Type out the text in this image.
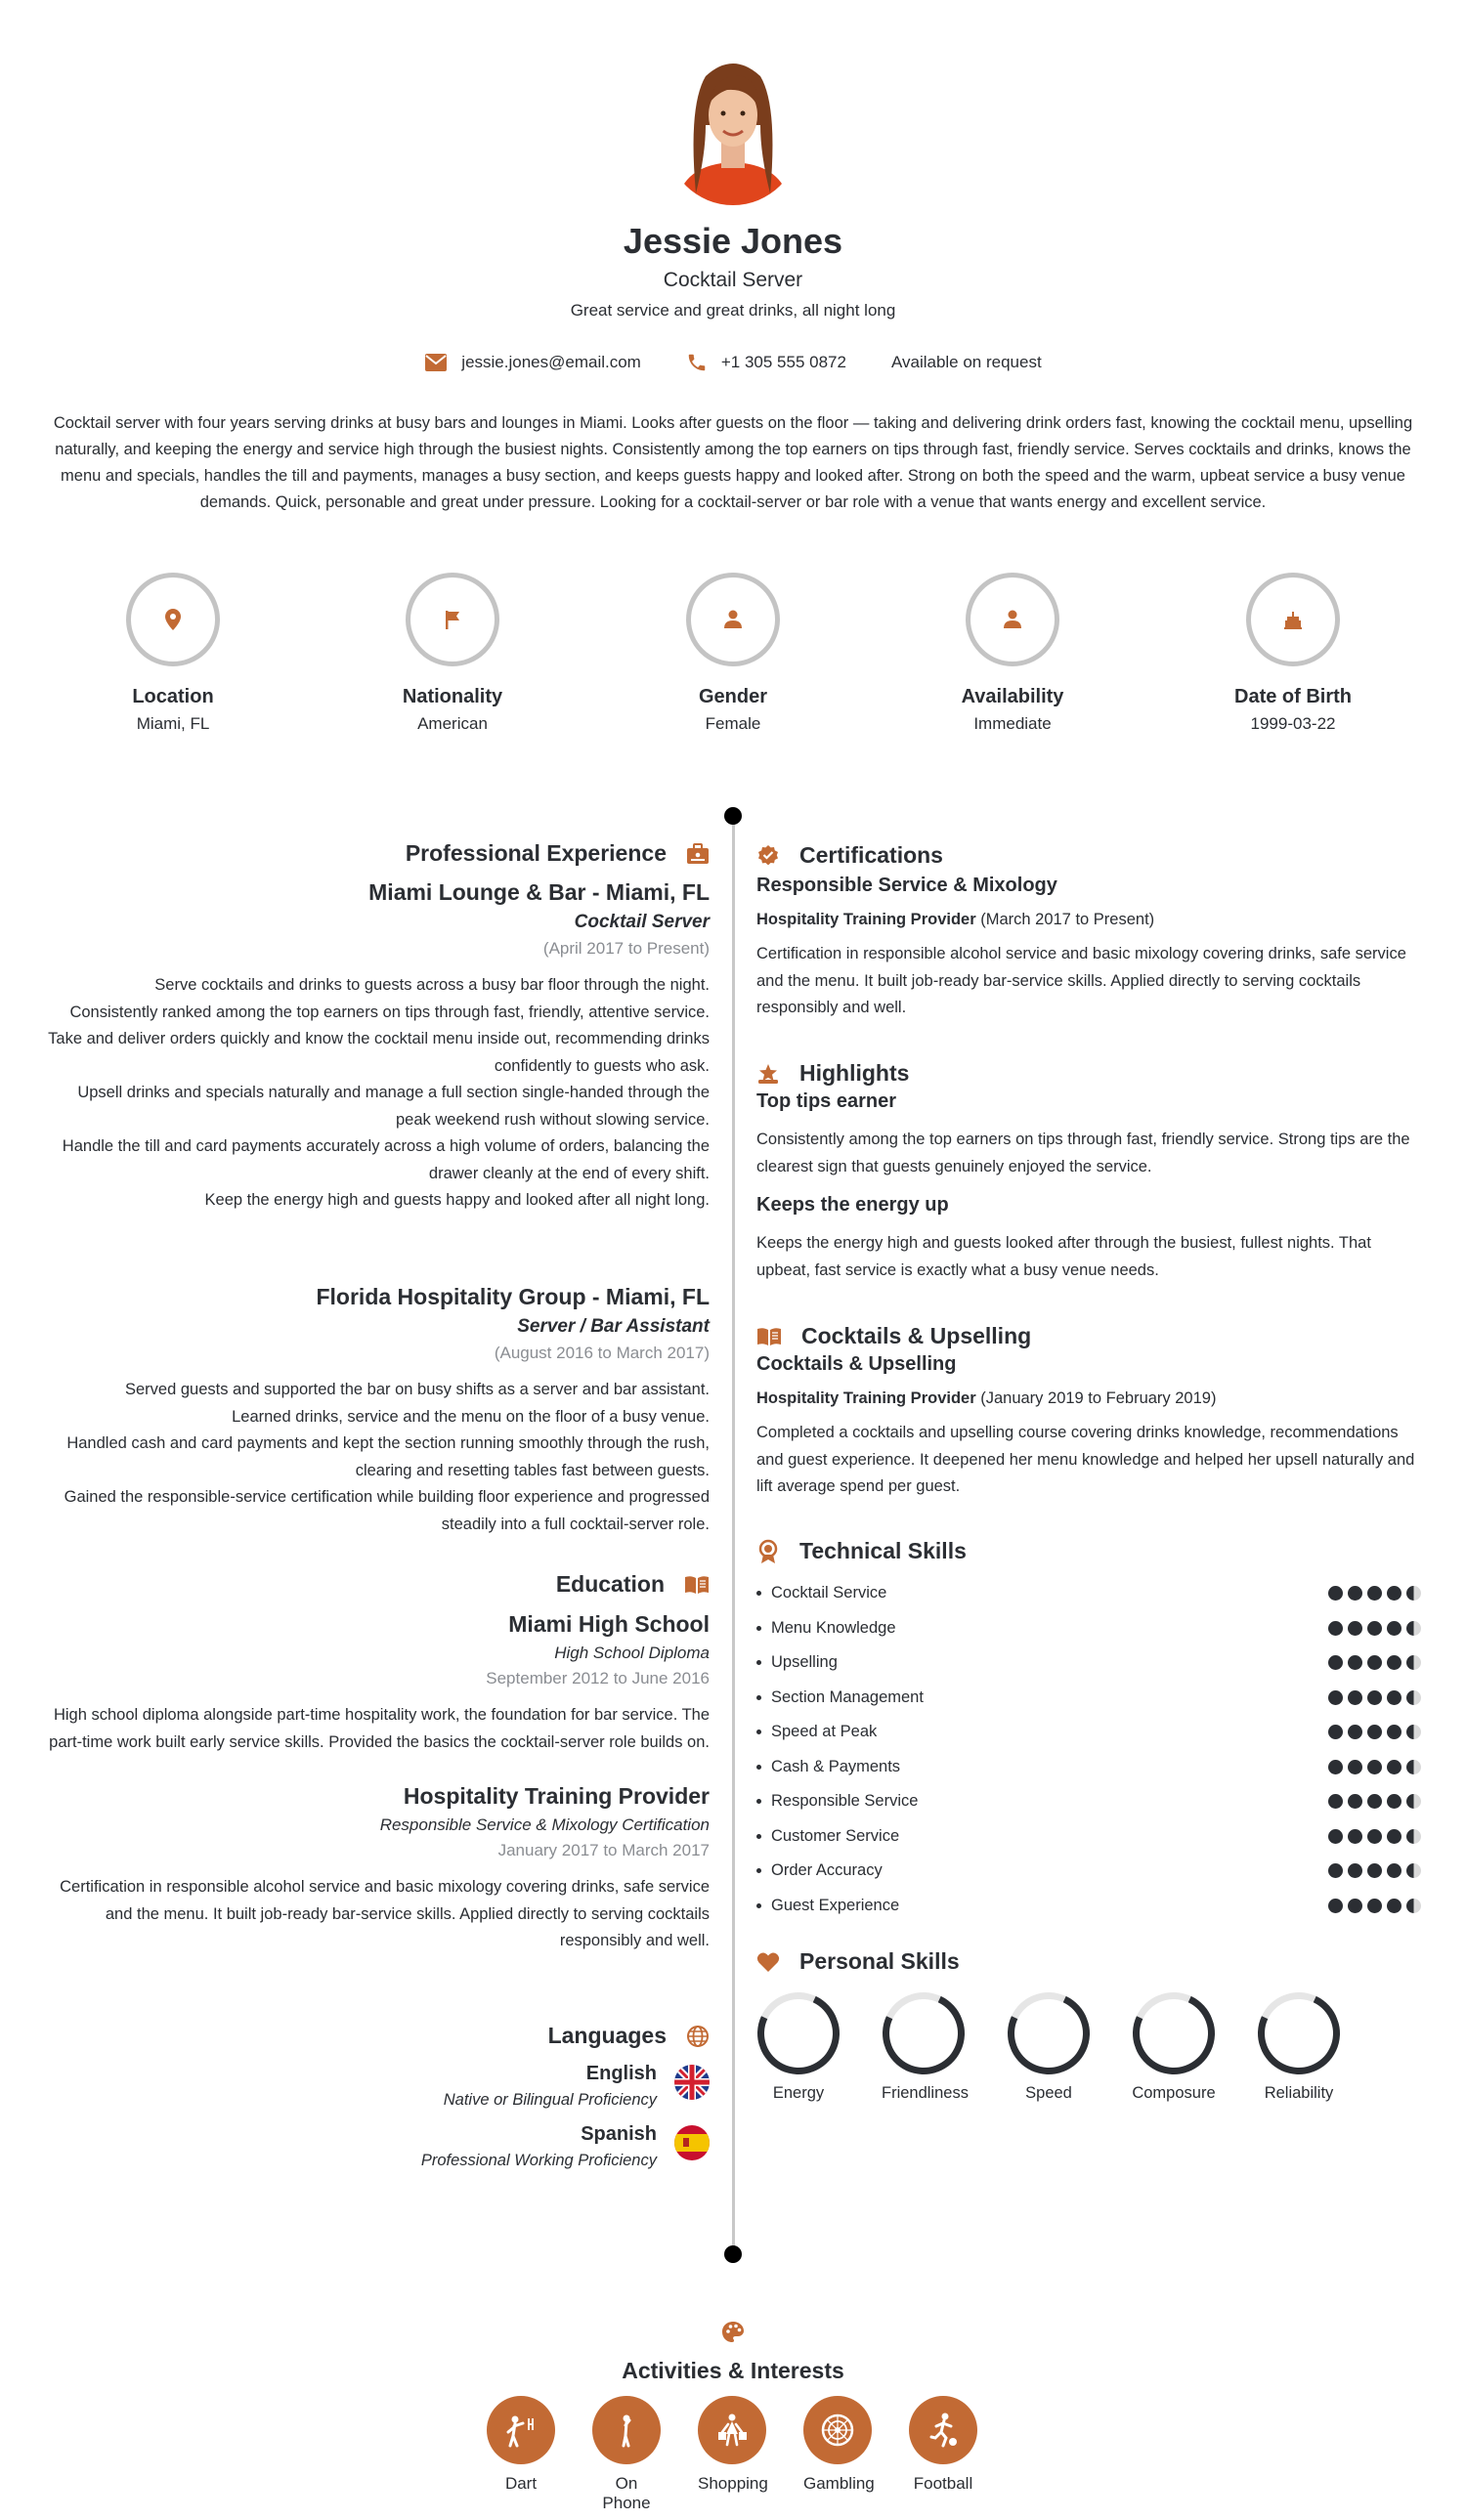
Jessie Jones
Cocktail Server
Great service and great drinks, all night long
jessie.jones@email.com	+1 305 555 0872	Available on request
Cocktail server with four years serving drinks at busy bars and lounges in Miami. Looks after guests on the floor — taking and delivering drink orders fast, knowing the cocktail menu, upselling naturally, and keeping the energy and service high through the busiest nights. Consistently among the top earners on tips through fast, friendly service. Serves cocktails and drinks, knows the menu and specials, handles the till and payments, manages a busy section, and keeps guests happy and looked after. Strong on both the speed and the warm, upbeat service a busy venue demands. Quick, personable and great under pressure. Looking for a cocktail-server or bar role with a venue that wants energy and excellent service.
Location
Miami, FL
Nationality
American
Gender
Female
Availability
Immediate
Date of Birth
1999-03-22
Professional Experience
Miami Lounge & Bar - Miami, FL
Cocktail Server
(April 2017 to Present)
Serve cocktails and drinks to guests across a busy bar floor through the night.
Consistently ranked among the top earners on tips through fast, friendly, attentive service.
Take and deliver orders quickly and know the cocktail menu inside out, recommending drinks confidently to guests who ask.
Upsell drinks and specials naturally and manage a full section single-handed through the peak weekend rush without slowing service.
Handle the till and card payments accurately across a high volume of orders, balancing the drawer cleanly at the end of every shift.
Keep the energy high and guests happy and looked after all night long.
Florida Hospitality Group - Miami, FL
Server / Bar Assistant
(August 2016 to March 2017)
Served guests and supported the bar on busy shifts as a server and bar assistant.
Learned drinks, service and the menu on the floor of a busy venue.
Handled cash and card payments and kept the section running smoothly through the rush, clearing and resetting tables fast between guests.
Gained the responsible-service certification while building floor experience and progressed steadily into a full cocktail-server role.
Education
Miami High School
High School Diploma
September 2012 to June 2016
High school diploma alongside part-time hospitality work, the foundation for bar service. The part-time work built early service skills. Provided the basics the cocktail-server role builds on.
Hospitality Training Provider
Responsible Service & Mixology Certification
January 2017 to March 2017
Certification in responsible alcohol service and basic mixology covering drinks, safe service and the menu. It built job-ready bar-service skills. Applied directly to serving cocktails responsibly and well.
Languages
English
Native or Bilingual Proficiency
Spanish
Professional Working Proficiency
Certifications
Responsible Service & Mixology
Hospitality Training Provider (March 2017 to Present)
Certification in responsible alcohol service and basic mixology covering drinks, safe service and the menu. It built job-ready bar-service skills. Applied directly to serving cocktails responsibly and well.
Highlights
Top tips earner
Consistently among the top earners on tips through fast, friendly service. Strong tips are the clearest sign that guests genuinely enjoyed the service.
Keeps the energy up
Keeps the energy high and guests looked after through the busiest, fullest nights. That upbeat, fast service is exactly what a busy venue needs.
Cocktails & Upselling
Cocktails & Upselling
Hospitality Training Provider (January 2019 to February 2019)
Completed a cocktails and upselling course covering drinks knowledge, recommendations and guest experience. It deepened her menu knowledge and helped her upsell naturally and lift average spend per guest.
Technical Skills
Cocktail Service
Menu Knowledge
Upselling
Section Management
Speed at Peak
Cash & Payments
Responsible Service
Customer Service
Order Accuracy
Guest Experience
Personal Skills
Energy	Friendliness	Speed	Composure	Reliability
Activities & Interests
Dart	On Phone
Shopping Gambling Football
